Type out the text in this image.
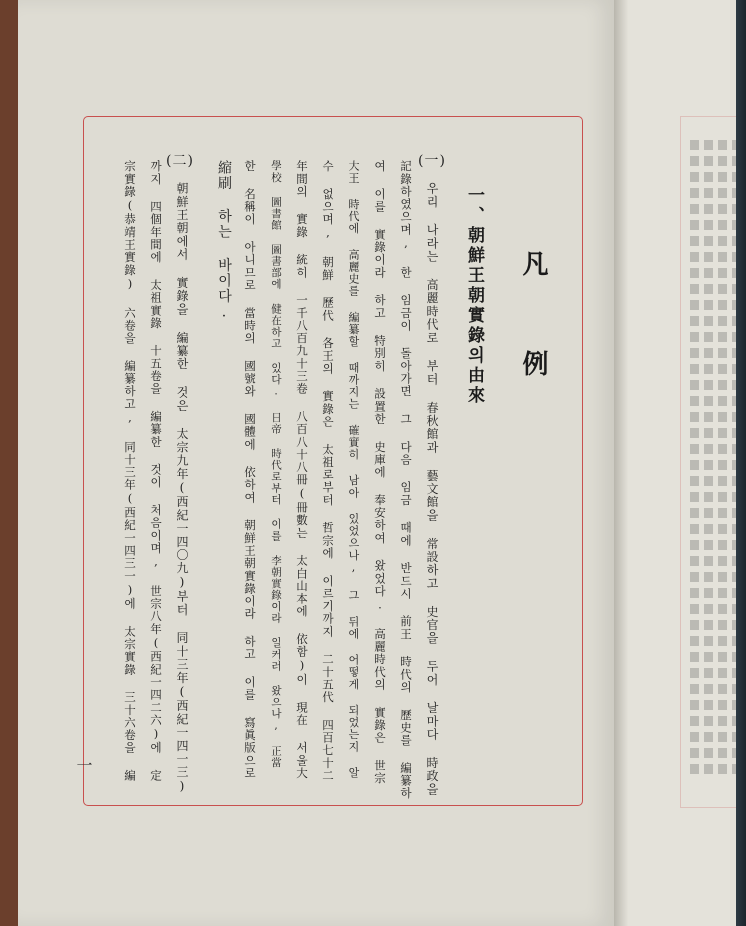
凡 例
一、朝鮮王朝實錄의由來
(一)
우리 나라는 高麗時代로 부터 春秋館과 藝文館을 常設하고 史官을 두어 날마다 時政을
記錄하였으며, 한 임금이 돌아가면 그 다음 임금 때에 반드시 前王 時代의 歷史를 編纂하
여 이를 實錄이라 하고 特別히 設置한 史庫에 奉安하여 왔었다. 高麗時代의 實錄은 世宗
大王 時代에 高麗史를 編纂할 때까지는 確實히 남아 있었으나, 그 뒤에 어떻게 되었는지 알
수 없으며, 朝鮮 歷代 各王의 實錄은 太祖로부터 哲宗에 이르기까지 二十五代 四百七十二
年間의 實錄 統히 一千八百九十三卷 八百八十八冊(冊數는 太白山本에 依함)이 現在 서울大
學校 圖書館 圖書部에 健在하고 있다. 日帝 時代로부터 이를 李朝實錄이라 일커러 왔으나, 正當
한 名稱이 아니므로 當時의 國號와 國體에 依하여 朝鮮王朝實錄이라 하고 이를 寫眞版으로
縮刷 하는 바이다.
(二)
朝鮮王朝에서 實錄을 編纂한 것은 太宗九年(西紀一四〇九)부터 同十三年(西紀一四一三)
까지 四個年間에 太祖實錄 十五卷을 編纂한 것이 처음이며, 世宗八年(西紀一四二六)에 定
宗實錄(恭靖王實錄) 六卷을 編纂하고, 同十三年(西紀一四三一)에 太宗實錄 三十六卷을 編
一
